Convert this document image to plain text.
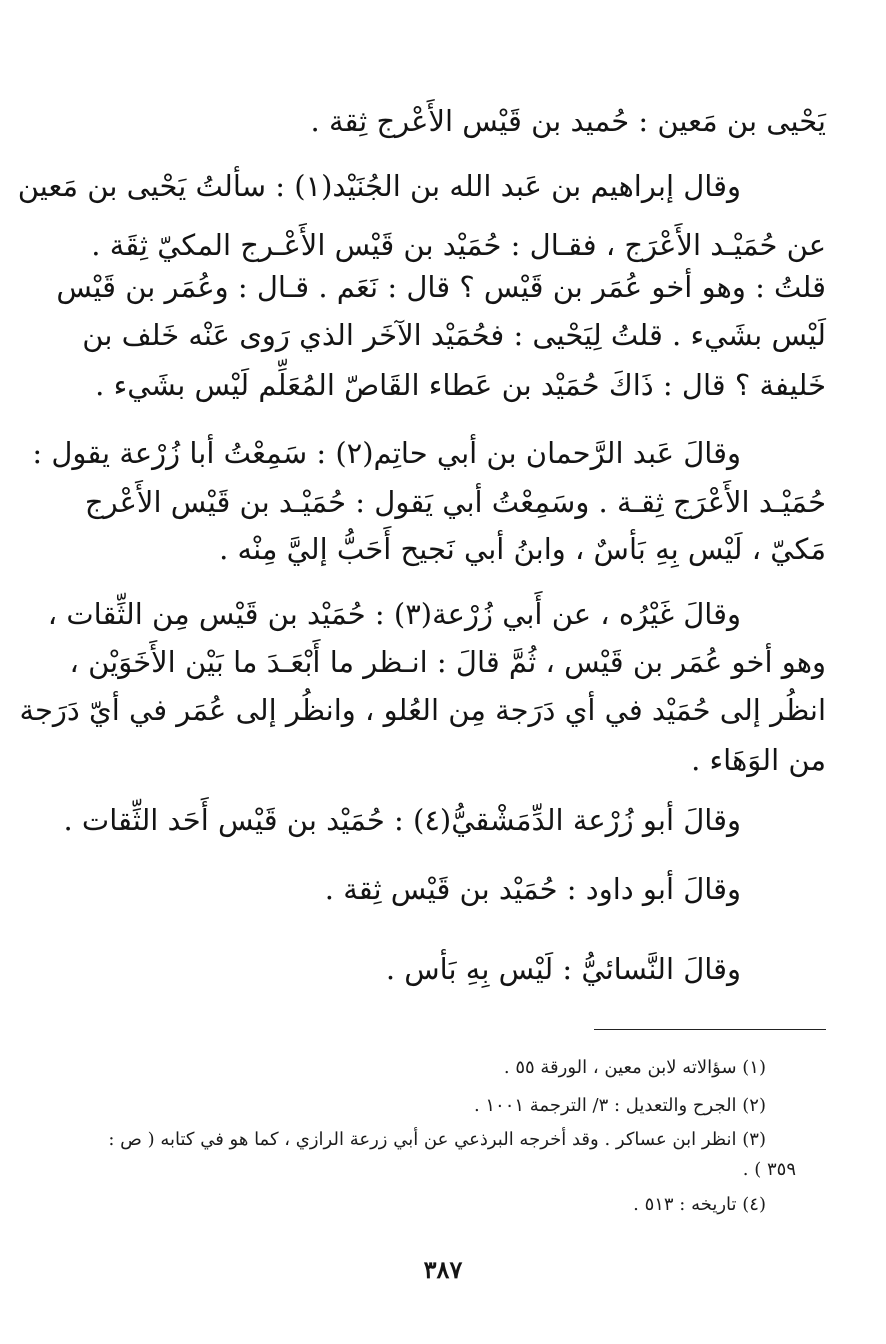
يَحْيى بن مَعين : حُميد بن قَيْس الأَعْرج ثِقة .
وقال إبراهيم بن عَبد الله بن الجُنَيْد(١) : سألتُ يَحْيى بن مَعين
عن حُمَيْـد الأَعْرَج ، فقـال : حُمَيْد بن قَيْس الأَعْـرج المكيّ ثِقَة .
قلتُ : وهو أخو عُمَر بن قَيْس ؟ قال : نَعَم . قـال : وعُمَر بن قَيْس
لَيْس بشَيء . قلتُ لِيَحْيى : فحُمَيْد الآخَر الذي رَوى عَنْه خَلف بن
خَليفة ؟ قال : ذَاكَ حُمَيْد بن عَطاء القَاصّ المُعَلِّم لَيْس بشَيء .
وقالَ عَبد الرَّحمان بن أبي حاتِم(٢) : سَمِعْتُ أبا زُرْعة يقول :
حُمَيْـد الأَعْرَج ثِقـة . وسَمِعْتُ أبي يَقول : حُمَيْـد بن قَيْس الأَعْرج
مَكيّ ، لَيْس بِهِ بَأسٌ ، وابنُ أبي نَجيح أَحَبُّ إليَّ مِنْه .
وقالَ غَيْرُه ، عن أَبي زُرْعة(٣) : حُمَيْد بن قَيْس مِن الثِّقات ،
وهو أخو عُمَر بن قَيْس ، ثُمَّ قالَ : انـظر ما أَبْعَـدَ ما بَيْن الأَخَوَيْن ،
انظُر إلى حُمَيْد في أي دَرَجة مِن العُلو ، وانظُر إلى عُمَر في أيّ دَرَجة
من الوَهَاء .
وقالَ أبو زُرْعة الدِّمَشْقيُّ(٤) : حُمَيْد بن قَيْس أَحَد الثِّقات .
وقالَ أبو داود : حُمَيْد بن قَيْس ثِقة .
وقالَ النَّسائيُّ : لَيْس بِهِ بَأس .
(١) سؤالاته لابن معين ، الورقة ٥٥ .
(٢) الجرح والتعديل : ٣/ الترجمة ١٠٠١ .
(٣) انظر ابن عساكر . وقد أخرجه البرذعي عن أبي زرعة الرازي ، كما هو في كتابه ( ص :
٣٥٩ ) .
(٤) تاريخه : ٥١٣ .
٣٨٧
